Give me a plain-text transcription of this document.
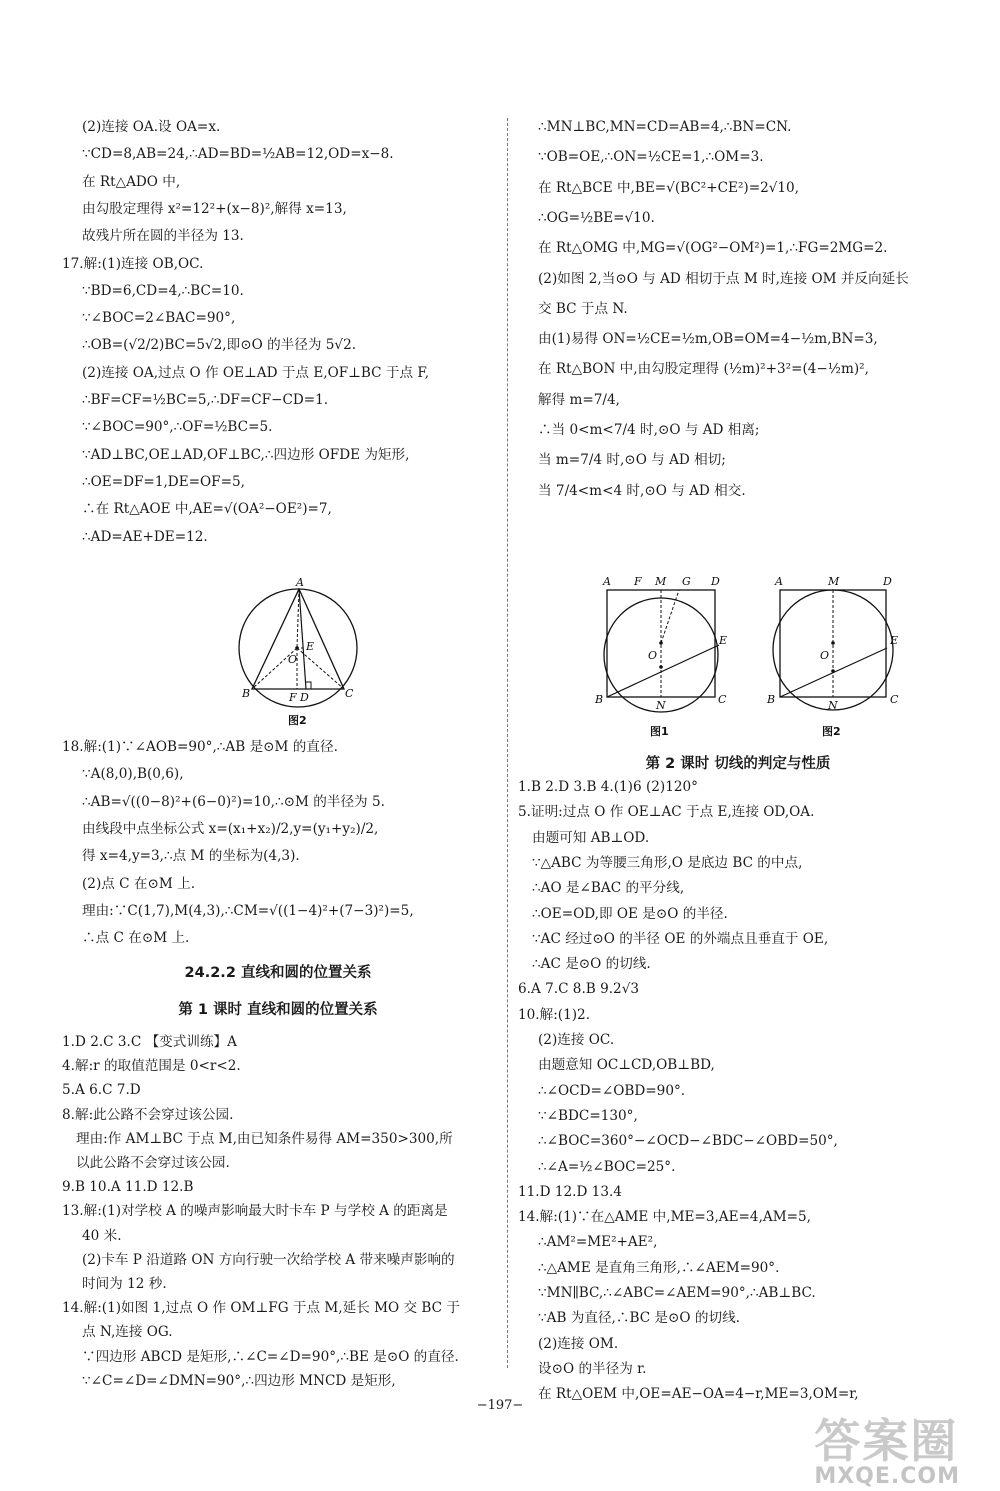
(2)连接 OA.设 OA=x.
∵CD=8,AB=24,∴AD=BD=½AB=12,OD=x−8.
在 Rt△ADO 中,
由勾股定理得 x²=12²+(x−8)²,解得 x=13,
故残片所在圆的半径为 13.
17.解:(1)连接 OB,OC.
∵BD=6,CD=4,∴BC=10.
∵∠BOC=2∠BAC=90°,
∴OB=(√2/2)BC=5√2,即⊙O 的半径为 5√2.
(2)连接 OA,过点 O 作 OE⊥AD 于点 E,OF⊥BC 于点 F,
∴BF=CF=½BC=5,∴DF=CF−CD=1.
∵∠BOC=90°,∴OF=½BC=5.
∵AD⊥BC,OE⊥AD,OF⊥BC,∴四边形 OFDE 为矩形,
∴OE=DF=1,DE=OF=5,
∴在 Rt△AOE 中,AE=√(OA²−OE²)=7,
∴AD=AE+DE=12.
A
E
O
B	F D	C
图2
18.解:(1)∵∠AOB=90°,∴AB 是⊙M 的直径.
∵A(8,0),B(0,6),
∴AB=√((0−8)²+(6−0)²)=10,∴⊙M 的半径为 5.
由线段中点坐标公式 x=(x₁+x₂)/2,y=(y₁+y₂)/2,
得 x=4,y=3,∴点 M 的坐标为(4,3).
(2)点 C 在⊙M 上.
理由:∵C(1,7),M(4,3),∴CM=√((1−4)²+(7−3)²)=5,
∴点 C 在⊙M 上.
24.2.2 直线和圆的位置关系
第 1 课时 直线和圆的位置关系
1.D 2.C 3.C 【变式训练】A
4.解:r 的取值范围是 0<r<2.
5.A 6.C 7.D
8.解:此公路不会穿过该公园.
理由:作 AM⊥BC 于点 M,由已知条件易得 AM=350>300,所
以此公路不会穿过该公园.
9.B 10.A 11.D 12.B
13.解:(1)对学校 A 的噪声影响最大时卡车 P 与学校 A 的距离是
40 米.
(2)卡车 P 沿道路 ON 方向行驶一次给学校 A 带来噪声影响的
时间为 12 秒.
14.解:(1)如图 1,过点 O 作 OM⊥FG 于点 M,延长 MO 交 BC 于
点 N,连接 OG.
∵四边形 ABCD 是矩形,∴∠C=∠D=90°,∴BE 是⊙O 的直径.
∵∠C=∠D=∠DMN=90°,∴四边形 MNCD 是矩形,
∴MN⊥BC,MN=CD=AB=4,∴BN=CN.
∵OB=OE,∴ON=½CE=1,∴OM=3.
在 Rt△BCE 中,BE=√(BC²+CE²)=2√10,
∴OG=½BE=√10.
在 Rt△OMG 中,MG=√(OG²−OM²)=1,∴FG=2MG=2.
(2)如图 2,当⊙O 与 AD 相切于点 M 时,连接 OM 并反向延长
交 BC 于点 N.
由(1)易得 ON=½CE=½m,OB=OM=4−½m,BN=3,
在 Rt△BON 中,由勾股定理得 (½m)²+3²=(4−½m)²,
解得 m=7/4,
∴当 0<m<7/4 时,⊙O 与 AD 相离;
当 m=7/4 时,⊙O 与 AD 相切;
当 7/4<m<4 时,⊙O 与 AD 相交.
A F M G D
E
O
B	N	C
图1
A	M	D
E
O
B	N	C
图2
第 2 课时 切线的判定与性质
1.B 2.D 3.B 4.(1)6 (2)120°
5.证明:过点 O 作 OE⊥AC 于点 E,连接 OD,OA.
由题可知 AB⊥OD.
∵△ABC 为等腰三角形,O 是底边 BC 的中点,
∴AO 是∠BAC 的平分线,
∴OE=OD,即 OE 是⊙O 的半径.
∵AC 经过⊙O 的半径 OE 的外端点且垂直于 OE,
∴AC 是⊙O 的切线.
6.A 7.C 8.B 9.2√3
10.解:(1)2.
(2)连接 OC.
由题意知 OC⊥CD,OB⊥BD,
∴∠OCD=∠OBD=90°.
∵∠BDC=130°,
∴∠BOC=360°−∠OCD−∠BDC−∠OBD=50°,
∴∠A=½∠BOC=25°.
11.D 12.D 13.4
14.解:(1)∵在△AME 中,ME=3,AE=4,AM=5,
∴AM²=ME²+AE²,
∴△AME 是直角三角形,∴∠AEM=90°.
∵MN∥BC,∴∠ABC=∠AEM=90°,∴AB⊥BC.
∵AB 为直径,∴BC 是⊙O 的切线.
(2)连接 OM.
设⊙O 的半径为 r.
在 Rt△OEM 中,OE=AE−OA=4−r,ME=3,OM=r,
−197−
答案圈
MXQE.COM
